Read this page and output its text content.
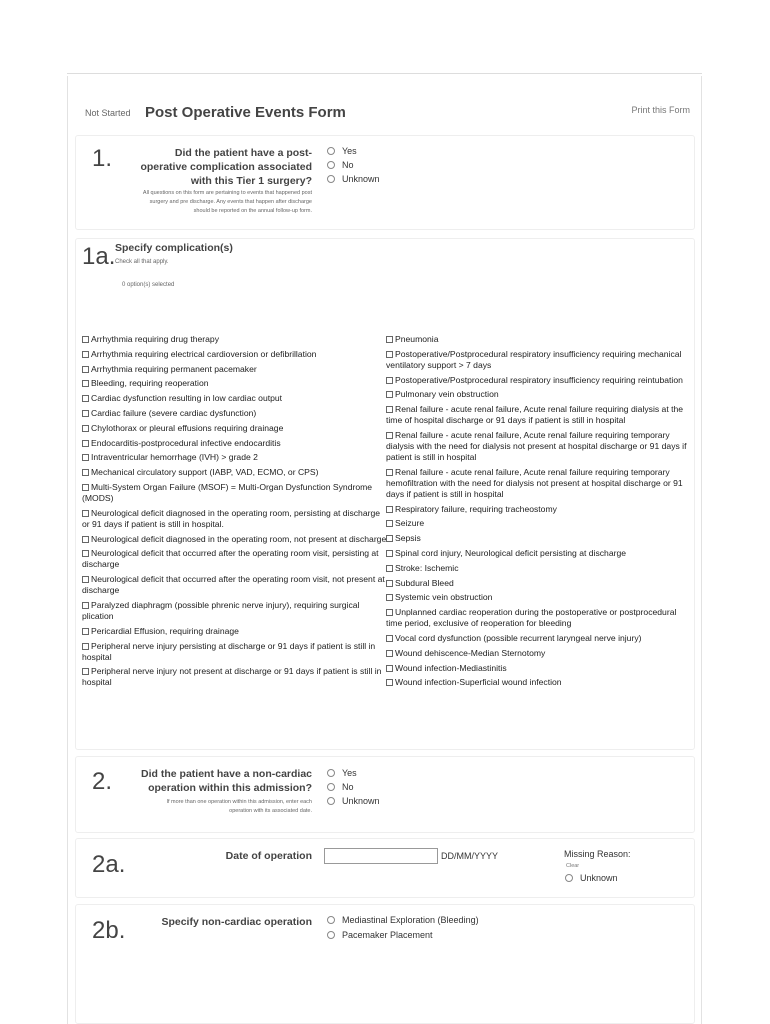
Not Started Post Operative Events Form	Print this Form
1.	Did the patient have a post-
operative complication associated
with this Tier 1 surgery?
All questions on this form are pertaining to events that happened post
surgery and pre discharge. Any events that happen after discharge
should be reported on the annual follow-up form.
Yes
No
Unknown
1a. Specify complication(s)
Check all that apply.
0 option(s) selected
Arrhythmia requiring drug therapy
Arrhythmia requiring electrical cardioversion or defibrillation
Arrhythmia requiring permanent pacemaker
Bleeding, requiring reoperation
Cardiac dysfunction resulting in low cardiac output
Cardiac failure (severe cardiac dysfunction)
Chylothorax or pleural effusions requiring drainage
Endocarditis-postprocedural infective endocarditis
Intraventricular hemorrhage (IVH) > grade 2
Mechanical circulatory support (IABP, VAD, ECMO, or CPS)
Multi-System Organ Failure (MSOF) = Multi-Organ Dysfunction Syndrome (MODS)
Neurological deficit diagnosed in the operating room, persisting at discharge or 91 days if patient is still in hospital.
Neurological deficit diagnosed in the operating room, not present at discharge
Neurological deficit that occurred after the operating room visit, persisting at discharge
Neurological deficit that occurred after the operating room visit, not present at discharge
Paralyzed diaphragm (possible phrenic nerve injury), requiring surgical plication
Pericardial Effusion, requiring drainage
Peripheral nerve injury persisting at discharge or 91 days if patient is still in hospital
Peripheral nerve injury not present at discharge or 91 days if patient is still in hospital
Pneumonia
Postoperative/Postprocedural respiratory insufficiency requiring mechanical ventilatory support > 7 days
Postoperative/Postprocedural respiratory insufficiency requiring reintubation
Pulmonary vein obstruction
Renal failure - acute renal failure, Acute renal failure requiring dialysis at the time of hospital discharge or 91 days if patient is still in hospital
Renal failure - acute renal failure, Acute renal failure requiring temporary dialysis with the need for dialysis not present at hospital discharge or 91 days if patient is still in hospital
Renal failure - acute renal failure, Acute renal failure requiring temporary hemofiltration with the need for dialysis not present at hospital discharge or 91 days if patient is still in hospital
Respiratory failure, requiring tracheostomy
Seizure
Sepsis
Spinal cord injury, Neurological deficit persisting at discharge
Stroke: Ischemic
Subdural Bleed
Systemic vein obstruction
Unplanned cardiac reoperation during the postoperative or postprocedural time period, exclusive of reoperation for bleeding
Vocal cord dysfunction (possible recurrent laryngeal nerve injury)
Wound dehiscence-Median Sternotomy
Wound infection-Mediastinitis
Wound infection-Superficial wound infection
2.	Did the patient have a non-cardiac
operation within this admission?
If more than one operation within this admission, enter each
operation with its associated date.
Yes
No
Unknown
2a.	Date of operation	DD/MM/YYYY	Missing Reason:
Clear
Unknown
2b.	Specify non-cardiac operation	Mediastinal Exploration (Bleeding)
Pacemaker Placement
